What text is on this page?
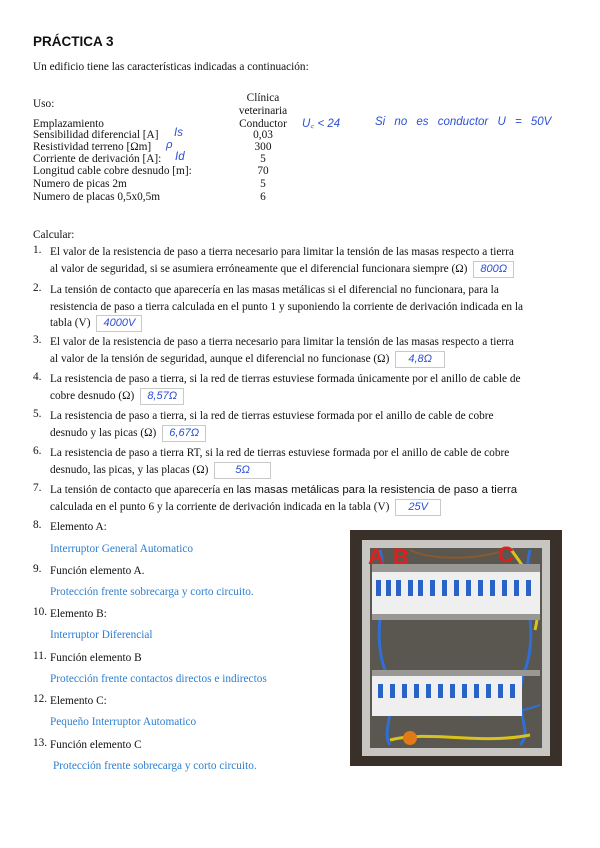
PRÁCTICA 3
Un edificio tiene las características indicadas a continuación:
Clínica
veterinaria
Uso:
Emplazamiento	Conductor
Sensibilidad diferencial [A]	0,03
Resistividad terreno [Ωm]	300
Corriente de derivación [A]:	5
Longitud cable cobre desnudo [m]:	70
Numero de picas 2m	5
Numero de placas 0,5x0,5m	6
Is
ρ
Id
U꜀ < 24	Si no es conductor U = 50V
Calcular:
1. El valor de la resistencia de paso a tierra necesario para limitar la tensión de las masas respecto a tierra
al valor de seguridad, si se asumiera erróneamente que el diferencial funcionara siempre (Ω) 800Ω
2. La tensión de contacto que aparecería en las masas metálicas si el diferencial no funcionara, para la
resistencia de paso a tierra calculada en el punto 1 y suponiendo la corriente de derivación indicada en la
tabla (V) 4000V
3. El valor de la resistencia de paso a tierra necesario para limitar la tensión de las masas respecto a tierra
al valor de la tensión de seguridad, aunque el diferencial no funcionase (Ω) 4,8Ω
4. La resistencia de paso a tierra, si la red de tierras estuviese formada únicamente por el anillo de cable de
cobre desnudo (Ω) 8,57Ω
5. La resistencia de paso a tierra, si la red de tierras estuviese formada por el anillo de cable de cobre
desnudo y las picas (Ω) 6,67Ω
6. La resistencia de paso a tierra RT, si la red de tierras estuviese formada por el anillo de cable de cobre
desnudo, las picas, y las placas (Ω) 5Ω
7. La tensión de contacto que aparecería en las masas metálicas para la resistencia de paso a tierra
calculada en el punto 6 y la corriente de derivación indicada en la tabla (V) 25V
8. Elemento A:
Interruptor General Automatico
9. Función elemento A.
Protección frente sobrecarga y corto circuito.
10. Elemento B:
Interruptor Diferencial
11. Función elemento B
Protección frente contactos directos e indirectos
12. Elemento C:
Pequeño Interruptor Automatico
13. Función elemento C
Protección frente sobrecarga y corto circuito.
A B	C
